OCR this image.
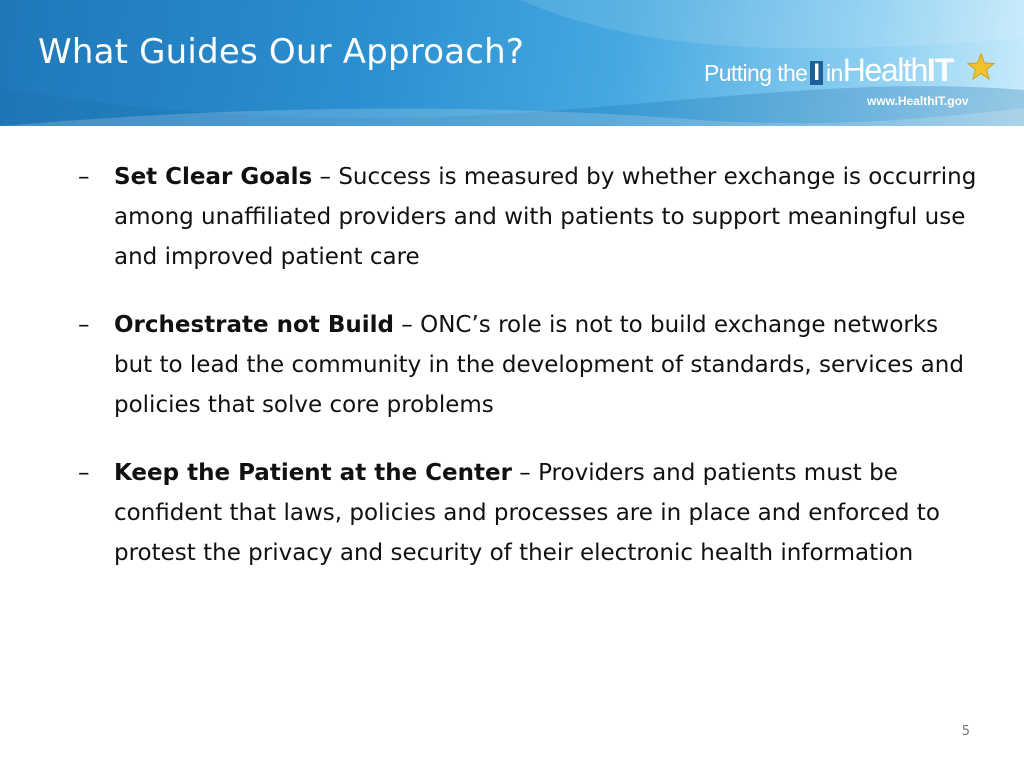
What Guides Our Approach?
Putting the I inHealthIT
www.HealthIT.gov
– Set Clear Goals – Success is measured by whether exchange is occurring among unaffiliated providers and with patients to support meaningful use and improved patient care
– Orchestrate not Build – ONC’s role is not to build exchange networks but to lead the community in the development of standards, services and policies that solve core problems
– Keep the Patient at the Center – Providers and patients must be confident that laws, policies and processes are in place and enforced to protest the privacy and security of their electronic health information
5
